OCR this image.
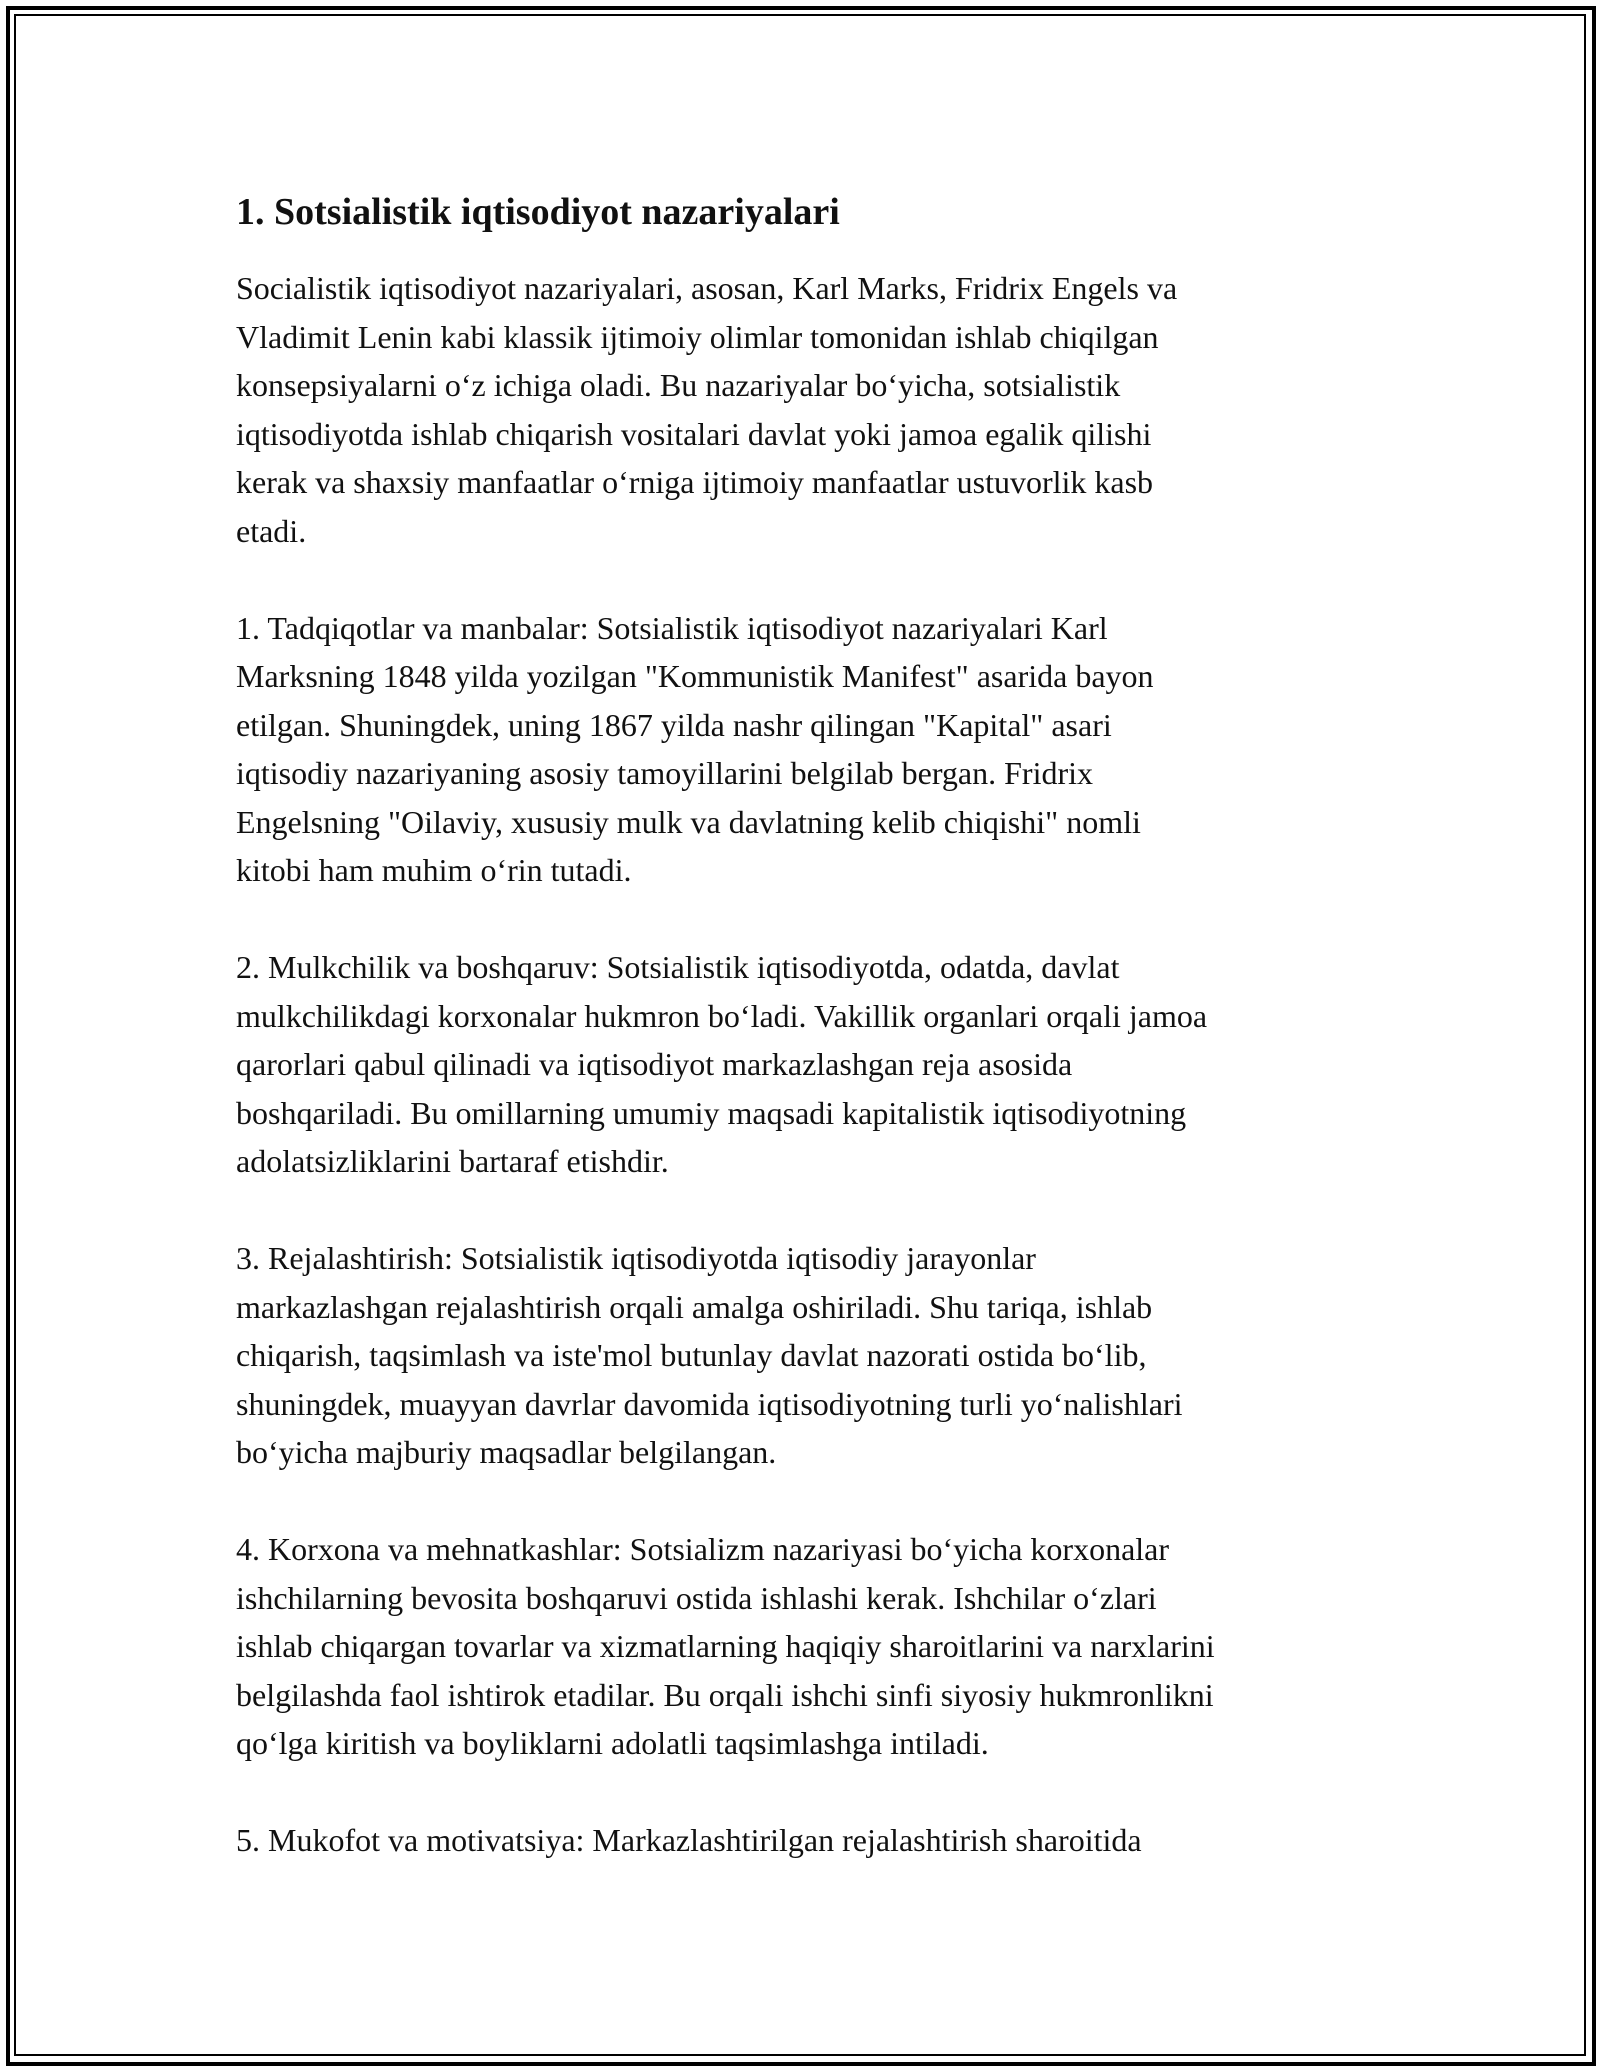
1. Sotsialistik iqtisodiyot nazariyalari

Socialistik iqtisodiyot nazariyalari, asosan, Karl Marks, Fridrix Engels va
Vladimit Lenin kabi klassik ijtimoiy olimlar tomonidan ishlab chiqilgan
konsepsiyalarni o‘z ichiga oladi. Bu nazariyalar bo‘yicha, sotsialistik
iqtisodiyotda ishlab chiqarish vositalari davlat yoki jamoa egalik qilishi
kerak va shaxsiy manfaatlar o‘rniga ijtimoiy manfaatlar ustuvorlik kasb
etadi.

1. Tadqiqotlar va manbalar: Sotsialistik iqtisodiyot nazariyalari Karl
Marksning 1848 yilda yozilgan "Kommunistik Manifest" asarida bayon
etilgan. Shuningdek, uning 1867 yilda nashr qilingan "Kapital" asari
iqtisodiy nazariyaning asosiy tamoyillarini belgilab bergan. Fridrix
Engelsning "Oilaviy, xususiy mulk va davlatning kelib chiqishi" nomli
kitobi ham muhim o‘rin tutadi.

2. Mulkchilik va boshqaruv: Sotsialistik iqtisodiyotda, odatda, davlat
mulkchilikdagi korxonalar hukmron bo‘ladi. Vakillik organlari orqali jamoa
qarorlari qabul qilinadi va iqtisodiyot markazlashgan reja asosida
boshqariladi. Bu omillarning umumiy maqsadi kapitalistik iqtisodiyotning
adolatsizliklarini bartaraf etishdir.

3. Rejalashtirish: Sotsialistik iqtisodiyotda iqtisodiy jarayonlar
markazlashgan rejalashtirish orqali amalga oshiriladi. Shu tariqa, ishlab
chiqarish, taqsimlash va iste'mol butunlay davlat nazorati ostida bo‘lib,
shuningdek, muayyan davrlar davomida iqtisodiyotning turli yo‘nalishlari
bo‘yicha majburiy maqsadlar belgilangan.

4. Korxona va mehnatkashlar: Sotsializm nazariyasi bo‘yicha korxonalar
ishchilarning bevosita boshqaruvi ostida ishlashi kerak. Ishchilar o‘zlari
ishlab chiqargan tovarlar va xizmatlarning haqiqiy sharoitlarini va narxlarini
belgilashda faol ishtirok etadilar. Bu orqali ishchi sinfi siyosiy hukmronlikni
qo‘lga kiritish va boyliklarni adolatli taqsimlashga intiladi.

5. Mukofot va motivatsiya: Markazlashtirilgan rejalashtirish sharoitida
